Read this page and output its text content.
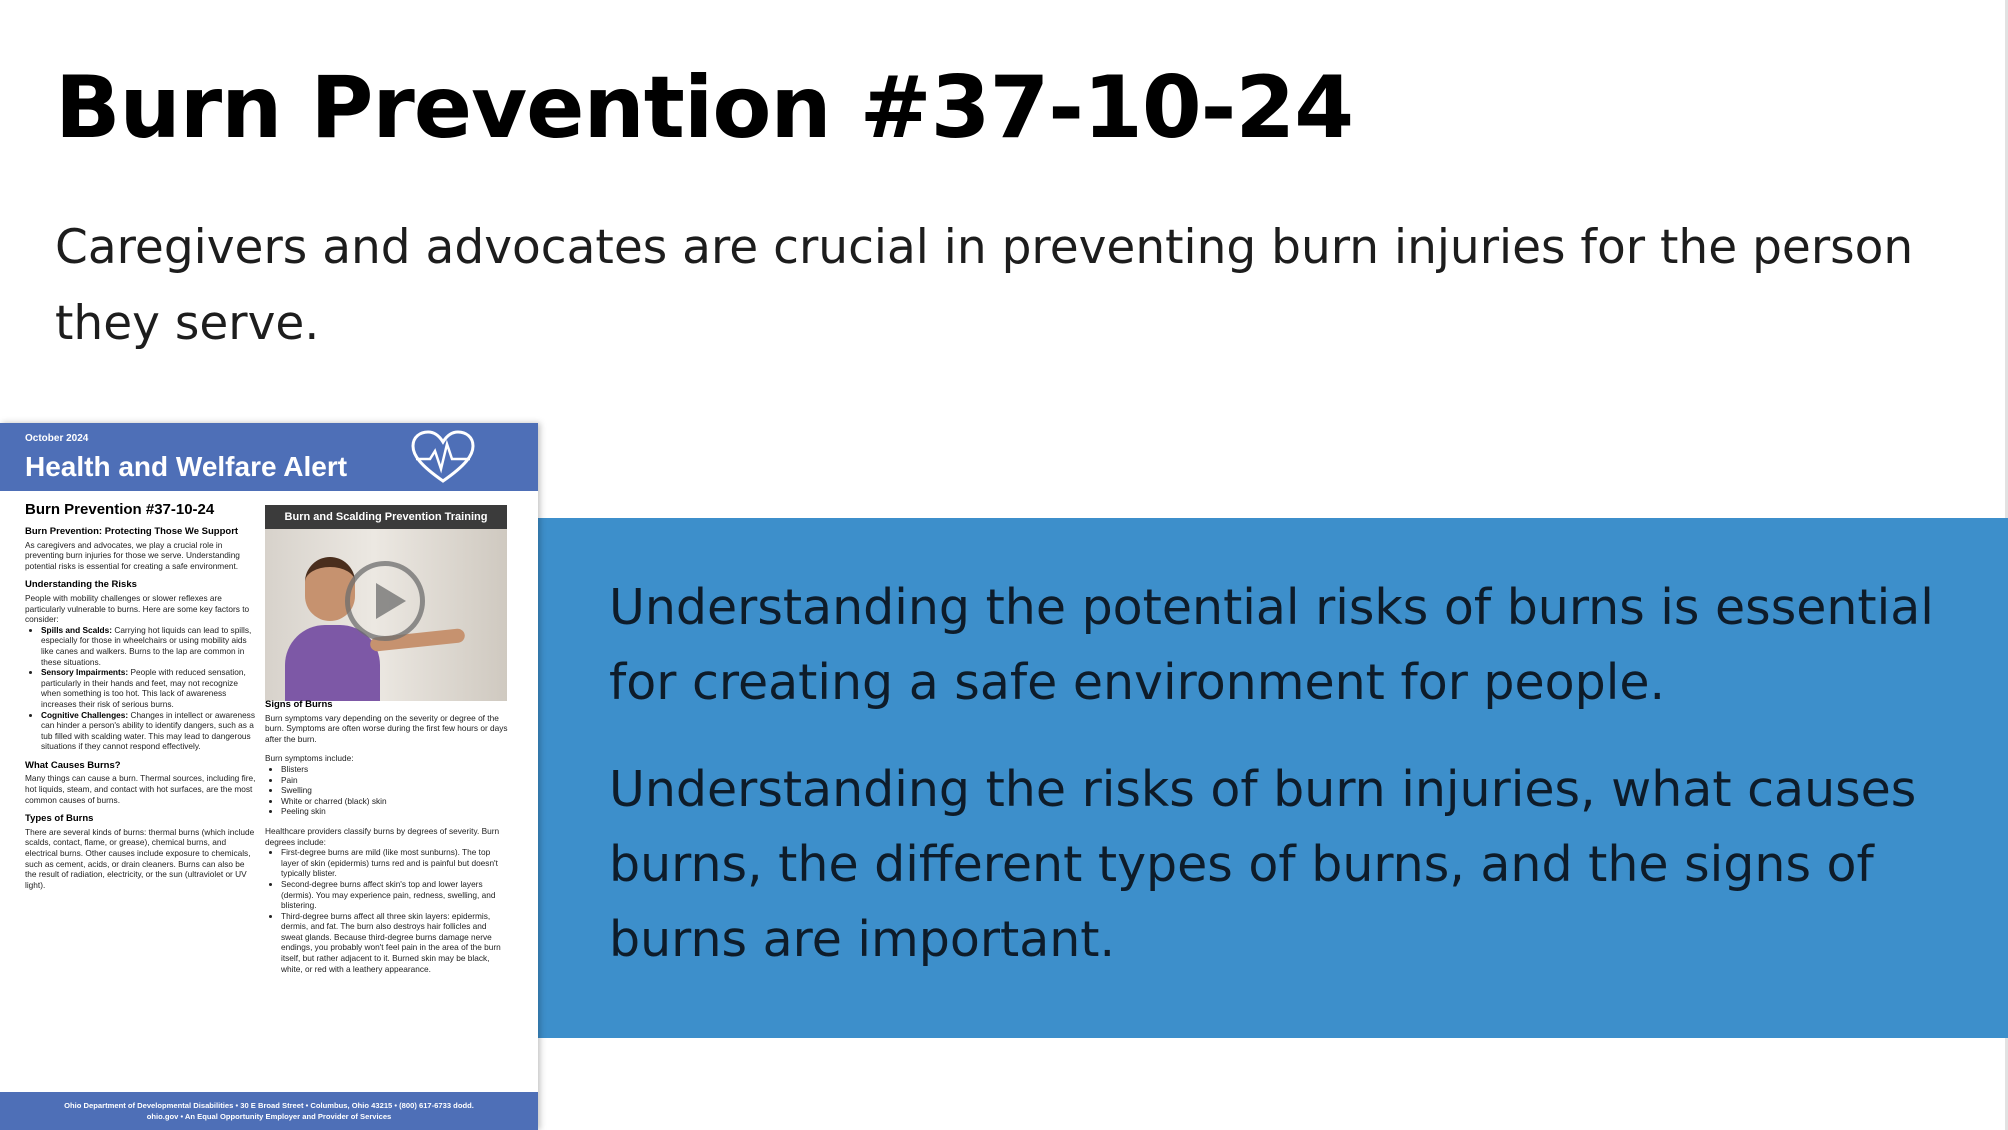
Burn Prevention #37-10-24

Caregivers and advocates are crucial in preventing burn injuries for the person they serve.

Understanding the potential risks of burns is essential for creating a safe environment for people.

Understanding the risks of burn injuries, what causes burns, the different types of burns, and the signs of burns are important.

October 2024
Health and Welfare Alert
Burn Prevention #37-10-24
Burn Prevention: Protecting Those We Support

As caregivers and advocates, we play a crucial role in preventing burn injuries for those we serve. Understanding potential risks is essential for creating a safe environment.

Understanding the Risks

People with mobility challenges or slower reflexes are particularly vulnerable to burns. Here are some key factors to consider:

• Spills and Scalds: Carrying hot liquids can lead to spills, especially for those in wheelchairs or using mobility aids like canes and walkers. Burns to the lap are common in these situations.
• Sensory Impairments: People with reduced sensation, particularly in their hands and feet, may not recognize when something is too hot. This lack of awareness increases their risk of serious burns.
• Cognitive Challenges: Changes in intellect or awareness can hinder a person's ability to identify dangers, such as a tub filled with scalding water. This may lead to dangerous situations if they cannot respond effectively.
What Causes Burns?

Many things can cause a burn. Thermal sources, including fire, hot liquids, steam, and contact with hot surfaces, are the most common causes of burns.

Types of Burns

There are several kinds of burns: thermal burns (which include scalds, contact, flame, or grease), chemical burns, and electrical burns. Other causes include exposure to chemicals, such as cement, acids, or drain cleaners. Burns can also be the result of radiation, electricity, or the sun (ultraviolet or UV light).

Burn and Scalding Prevention Training
Signs of Burns

Burn symptoms vary depending on the severity or degree of the burn. Symptoms are often worse during the first few hours or days after the burn.

Burn symptoms include:

• Blisters
• Pain
• Swelling
• White or charred (black) skin
• Peeling skin

Healthcare providers classify burns by degrees of severity. Burn degrees include:

• First-degree burns are mild (like most sunburns). The top layer of skin (epidermis) turns red and is painful but doesn't typically blister.
• Second-degree burns affect skin's top and lower layers (dermis). You may experience pain, redness, swelling, and blistering.
• Third-degree burns affect all three skin layers: epidermis, dermis, and fat. The burn also destroys hair follicles and sweat glands. Because third-degree burns damage nerve endings, you probably won't feel pain in the area of the burn itself, but rather adjacent to it. Burned skin may be black, white, or red with a leathery appearance.
Ohio Department of Developmental Disabilities • 30 E Broad Street • Columbus, Ohio 43215 • (800) 617-6733 dodd.
ohio.gov • An Equal Opportunity Employer and Provider of Services
